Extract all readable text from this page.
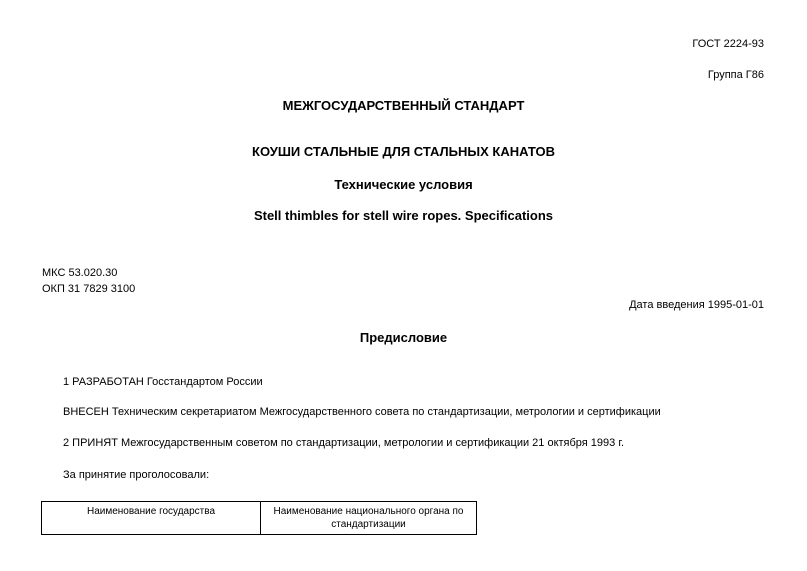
ГОСТ 2224-93
Группа Г86
МЕЖГОСУДАРСТВЕННЫЙ СТАНДАРТ
КОУШИ СТАЛЬНЫЕ ДЛЯ СТАЛЬНЫХ КАНАТОВ
Технические условия
Stell thimbles for stell wire ropes. Specifications
МКС 53.020.30
ОКП 31 7829 3100
Дата введения 1995-01-01
Предисловие
1 РАЗРАБОТАН Госстандартом России
ВНЕСЕН Техническим секретариатом Межгосударственного совета по стандартизации, метрологии и сертификации
2 ПРИНЯТ Межгосударственным советом по стандартизации, метрологии и сертификации 21 октября 1993 г.
За принятие проголосовали:
Наименование государства	Наименование национального органа по стандартизации
